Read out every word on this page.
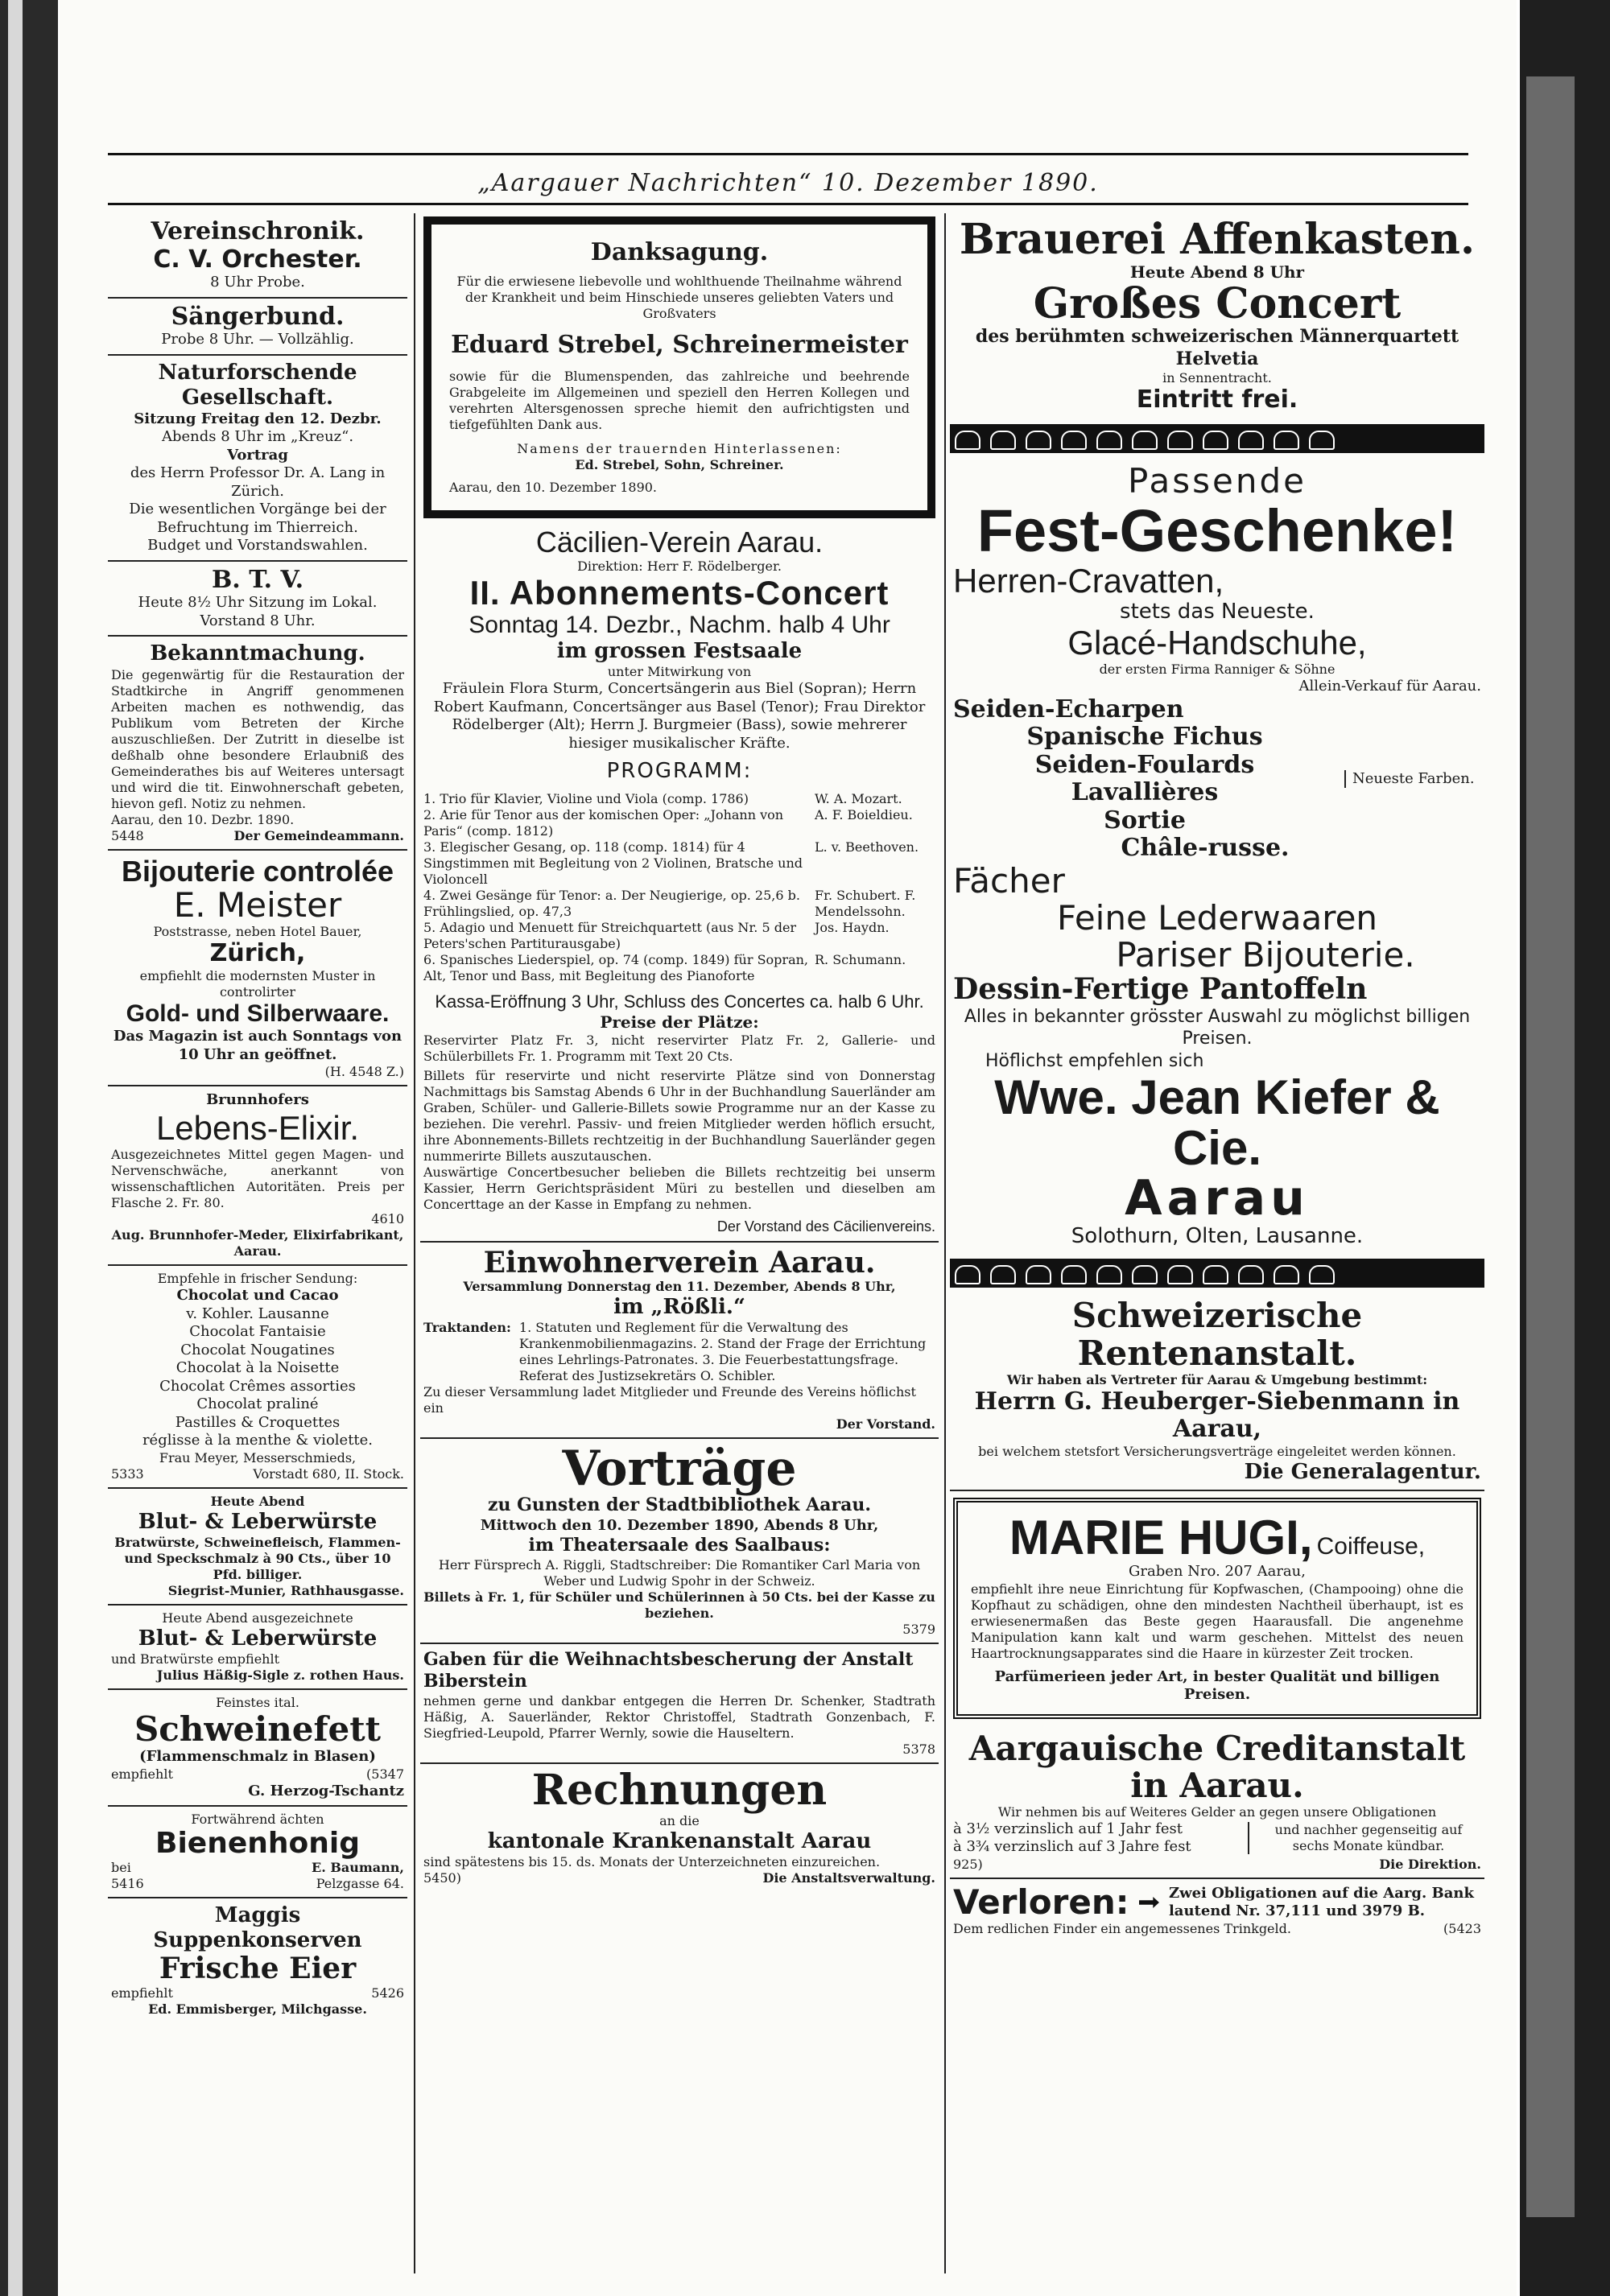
„Aargauer Nachrichten“ 10. Dezember 1890.
Vereinschronik.
C. V. Orchester.
8 Uhr Probe.
Sängerbund.
Probe 8 Uhr. — Vollzählig.
Naturforschende Gesellschaft.
Sitzung Freitag den 12. Dezbr.
Abends 8 Uhr im „Kreuz“.
Vortrag
des Herrn Professor Dr. A. Lang in Zürich.
Die wesentlichen Vorgänge bei der Befruchtung im Thierreich.
Budget und Vorstandswahlen.
B. T. V.
Heute 8½ Uhr Sitzung im Lokal. Vorstand 8 Uhr.
Bekanntmachung.
Die gegenwärtig für die Restauration der Stadtkirche in Angriff genommenen Arbeiten machen es nothwendig, das Publikum vom Betreten der Kirche auszuschließen. Der Zutritt in dieselbe ist deßhalb ohne besondere Erlaubniß des Gemeinderathes bis auf Weiteres untersagt und wird die tit. Einwohnerschaft gebeten, hievon gefl. Notiz zu nehmen.
Aarau, den 10. Dezbr. 1890.
5448	Der Gemeindeammann.
Bijouterie controlée
E. Meister
Poststrasse, neben Hotel Bauer,
Zürich,
empfiehlt die modernsten Muster in controlirter
Gold- und Silberwaare.
Das Magazin ist auch Sonntags von 10 Uhr an geöffnet.
(H. 4548 Z.)
Brunnhofers
Lebens-Elixir.
Ausgezeichnetes Mittel gegen Magen- und Nervenschwäche, anerkannt von wissenschaftlichen Autoritäten. Preis per Flasche 2. Fr. 80.
4610
Aug. Brunnhofer-Meder, Elixirfabrikant, Aarau.
Empfehle in frischer Sendung:
Chocolat und Cacao
v. Kohler. Lausanne
Chocolat Fantaisie
Chocolat Nougatines
Chocolat à la Noisette
Chocolat Crêmes assorties
Chocolat praliné
Pastilles & Croquettes
réglisse à la menthe & violette.
Frau Meyer, Messerschmieds,
5333	Vorstadt 680, II. Stock.
Heute Abend
Blut- & Leberwürste
Bratwürste, Schweinefleisch, Flammen- und Speckschmalz à 90 Cts., über 10 Pfd. billiger.
Siegrist-Munier, Rathhausgasse.
Heute Abend ausgezeichnete
Blut- & Leberwürste
und Bratwürste empfiehlt
Julius Häßig-Sigle z. rothen Haus.
Feinstes ital.
Schweinefett
(Flammenschmalz in Blasen)
empfiehlt	(5347
G. Herzog-Tschantz
Fortwährend ächten
Bienenhonig
bei	E. Baumann,
5416	Pelzgasse 64.
Maggis Suppenkonserven
Frische Eier
empfiehlt	5426
Ed. Emmisberger, Milchgasse.
Danksagung.
Für die erwiesene liebevolle und wohlthuende Theilnahme während der Krankheit und beim Hinschiede unseres geliebten Vaters und Großvaters
Eduard Strebel, Schreinermeister
sowie für die Blumenspenden, das zahlreiche und beehrende Grabgeleite im Allgemeinen und speziell den Herren Kollegen und verehrten Altersgenossen spreche hiemit den aufrichtigsten und tiefgefühlten Dank aus.
Namens der trauernden Hinterlassenen:
Ed. Strebel, Sohn, Schreiner.
Aarau, den 10. Dezember 1890.
Cäcilien-Verein Aarau.
Direktion: Herr F. Rödelberger.
II. Abonnements-Concert
Sonntag 14. Dezbr., Nachm. halb 4 Uhr
im grossen Festsaale
unter Mitwirkung von
Fräulein Flora Sturm, Concertsängerin aus Biel (Sopran); Herrn Robert Kaufmann, Concertsänger aus Basel (Tenor); Frau Direktor Rödelberger (Alt); Herrn J. Burgmeier (Bass), sowie mehrerer hiesiger musikalischer Kräfte.
PROGRAMM:
1. Trio für Klavier, Violine und Viola (comp. 1786)	W. A. Mozart.
2. Arie für Tenor aus der komischen Oper: „Johann von Paris“ (comp. 1812)
A. F. Boieldieu.
3. Elegischer Gesang, op. 118 (comp. 1814) für 4 Singstimmen mit Begleitung von 2 Violinen, Bratsche und Violoncell
L. v. Beethoven.
4. Zwei Gesänge für Tenor: a. Der Neugierige, op. 25,6 b. Frühlingslied, op. 47,3
Fr. Schubert. F. Mendelssohn.
5. Adagio und Menuett für Streichquartett (aus Nr. 5 der Peters'schen Partiturausgabe)
Jos. Haydn.
6. Spanisches Liederspiel, op. 74 (comp. 1849) für Sopran, Alt, Tenor und Bass, mit Begleitung des Pianoforte
R. Schumann.
Kassa-Eröffnung 3 Uhr, Schluss des Concertes ca. halb 6 Uhr.
Preise der Plätze:
Reservirter Platz Fr. 3, nicht reservirter Platz Fr. 2, Gallerie- und Schülerbillets Fr. 1. Programm mit Text 20 Cts.
Billets für reservirte und nicht reservirte Plätze sind von Donnerstag Nachmittags bis Samstag Abends 6 Uhr in der Buchhandlung Sauerländer am Graben, Schüler- und Gallerie-Billets sowie Programme nur an der Kasse zu beziehen. Die verehrl. Passiv- und freien Mitglieder werden höflich ersucht, ihre Abonnements-Billets rechtzeitig in der Buchhandlung Sauerländer gegen nummerirte Billets auszutauschen.
Auswärtige Concertbesucher belieben die Billets rechtzeitig bei unserm Kassier, Herrn Gerichtspräsident Müri zu bestellen und dieselben am Concerttage an der Kasse in Empfang zu nehmen.
Der Vorstand des Cäcilienvereins.
Einwohnerverein Aarau.
Versammlung Donnerstag den 11. Dezember, Abends 8 Uhr,
im „Rößli.“
Traktanden: 1. Statuten und Reglement für die Verwaltung des Krankenmobilienmagazins. 2. Stand der Frage der Errichtung eines Lehrlings-Patronates. 3. Die Feuerbestattungsfrage. Referat des Justizsekretärs O. Schibler.
Zu dieser Versammlung ladet Mitglieder und Freunde des Vereins höflichst ein
Der Vorstand.
Vorträge
zu Gunsten der Stadtbibliothek Aarau.
Mittwoch den 10. Dezember 1890, Abends 8 Uhr,
im Theatersaale des Saalbaus:
Herr Fürsprech A. Riggli, Stadtschreiber: Die Romantiker Carl Maria von Weber und Ludwig Spohr in der Schweiz.
Billets à Fr. 1, für Schüler und Schülerinnen à 50 Cts. bei der Kasse zu beziehen.
5379
Gaben für die Weihnachtsbescherung der Anstalt Biberstein
nehmen gerne und dankbar entgegen die Herren Dr. Schenker, Stadtrath Häßig, A. Sauerländer, Rektor Christoffel, Stadtrath Gonzenbach, F. Siegfried-Leupold, Pfarrer Wernly, sowie die Hauseltern.
5378
Rechnungen
an die
kantonale Krankenanstalt Aarau
sind spätestens bis 15. ds. Monats der Unterzeichneten einzureichen.
5450)	Die Anstaltsverwaltung.
Brauerei Affenkasten.
Heute Abend 8 Uhr
Großes Concert
des berühmten schweizerischen Männerquartett Helvetia
in Sennentracht.
Eintritt frei.
Passende
Fest-Geschenke!
Herren-Cravatten,
stets das Neueste.
Glacé-Handschuhe,
der ersten Firma Ranniger & Söhne
Allein-Verkauf für Aarau.
Seiden-Echarpen
Spanische Fichus
Seiden-Foulards
Lavallières
Sortie
Châle-russe.
Neueste Farben.
Fächer
Feine Lederwaaren
Pariser Bijouterie.
Dessin-Fertige Pantoffeln
Alles in bekannter grösster Auswahl zu möglichst billigen Preisen.
Höflichst empfehlen sich
Wwe. Jean Kiefer & Cie.
Aarau
Solothurn, Olten, Lausanne.
Schweizerische Rentenanstalt.
Wir haben als Vertreter für Aarau & Umgebung bestimmt:
Herrn G. Heuberger-Siebenmann in Aarau,
bei welchem stetsfort Versicherungsverträge eingeleitet werden können.
Die Generalagentur.
MARIE HUGI, Coiffeuse,
Graben Nro. 207 Aarau,
empfiehlt ihre neue Einrichtung für Kopfwaschen, (Champooing) ohne die Kopfhaut zu schädigen, ohne den mindesten Nachtheil überhaupt, ist es erwiesenermaßen das Beste gegen Haarausfall. Die angenehme Manipulation kann kalt und warm geschehen. Mittelst des neuen Haartrocknungsapparates sind die Haare in kürzester Zeit trocken.
Parfümerieen jeder Art, in bester Qualität und billigen Preisen.
Aargauische Creditanstalt in Aarau.
Wir nehmen bis auf Weiteres Gelder an gegen unsere Obligationen
à 3½ verzinslich auf 1 Jahr fest
à 3¾ verzinslich auf 3 Jahre fest
und nachher gegenseitig auf sechs Monate kündbar.
925)	Die Direktion.
Verloren:	Zwei Obligationen auf die Aarg. Bank lautend Nr. 37,111 und 3979 B.
Dem redlichen Finder ein angemessenes Trinkgeld.	(5423
